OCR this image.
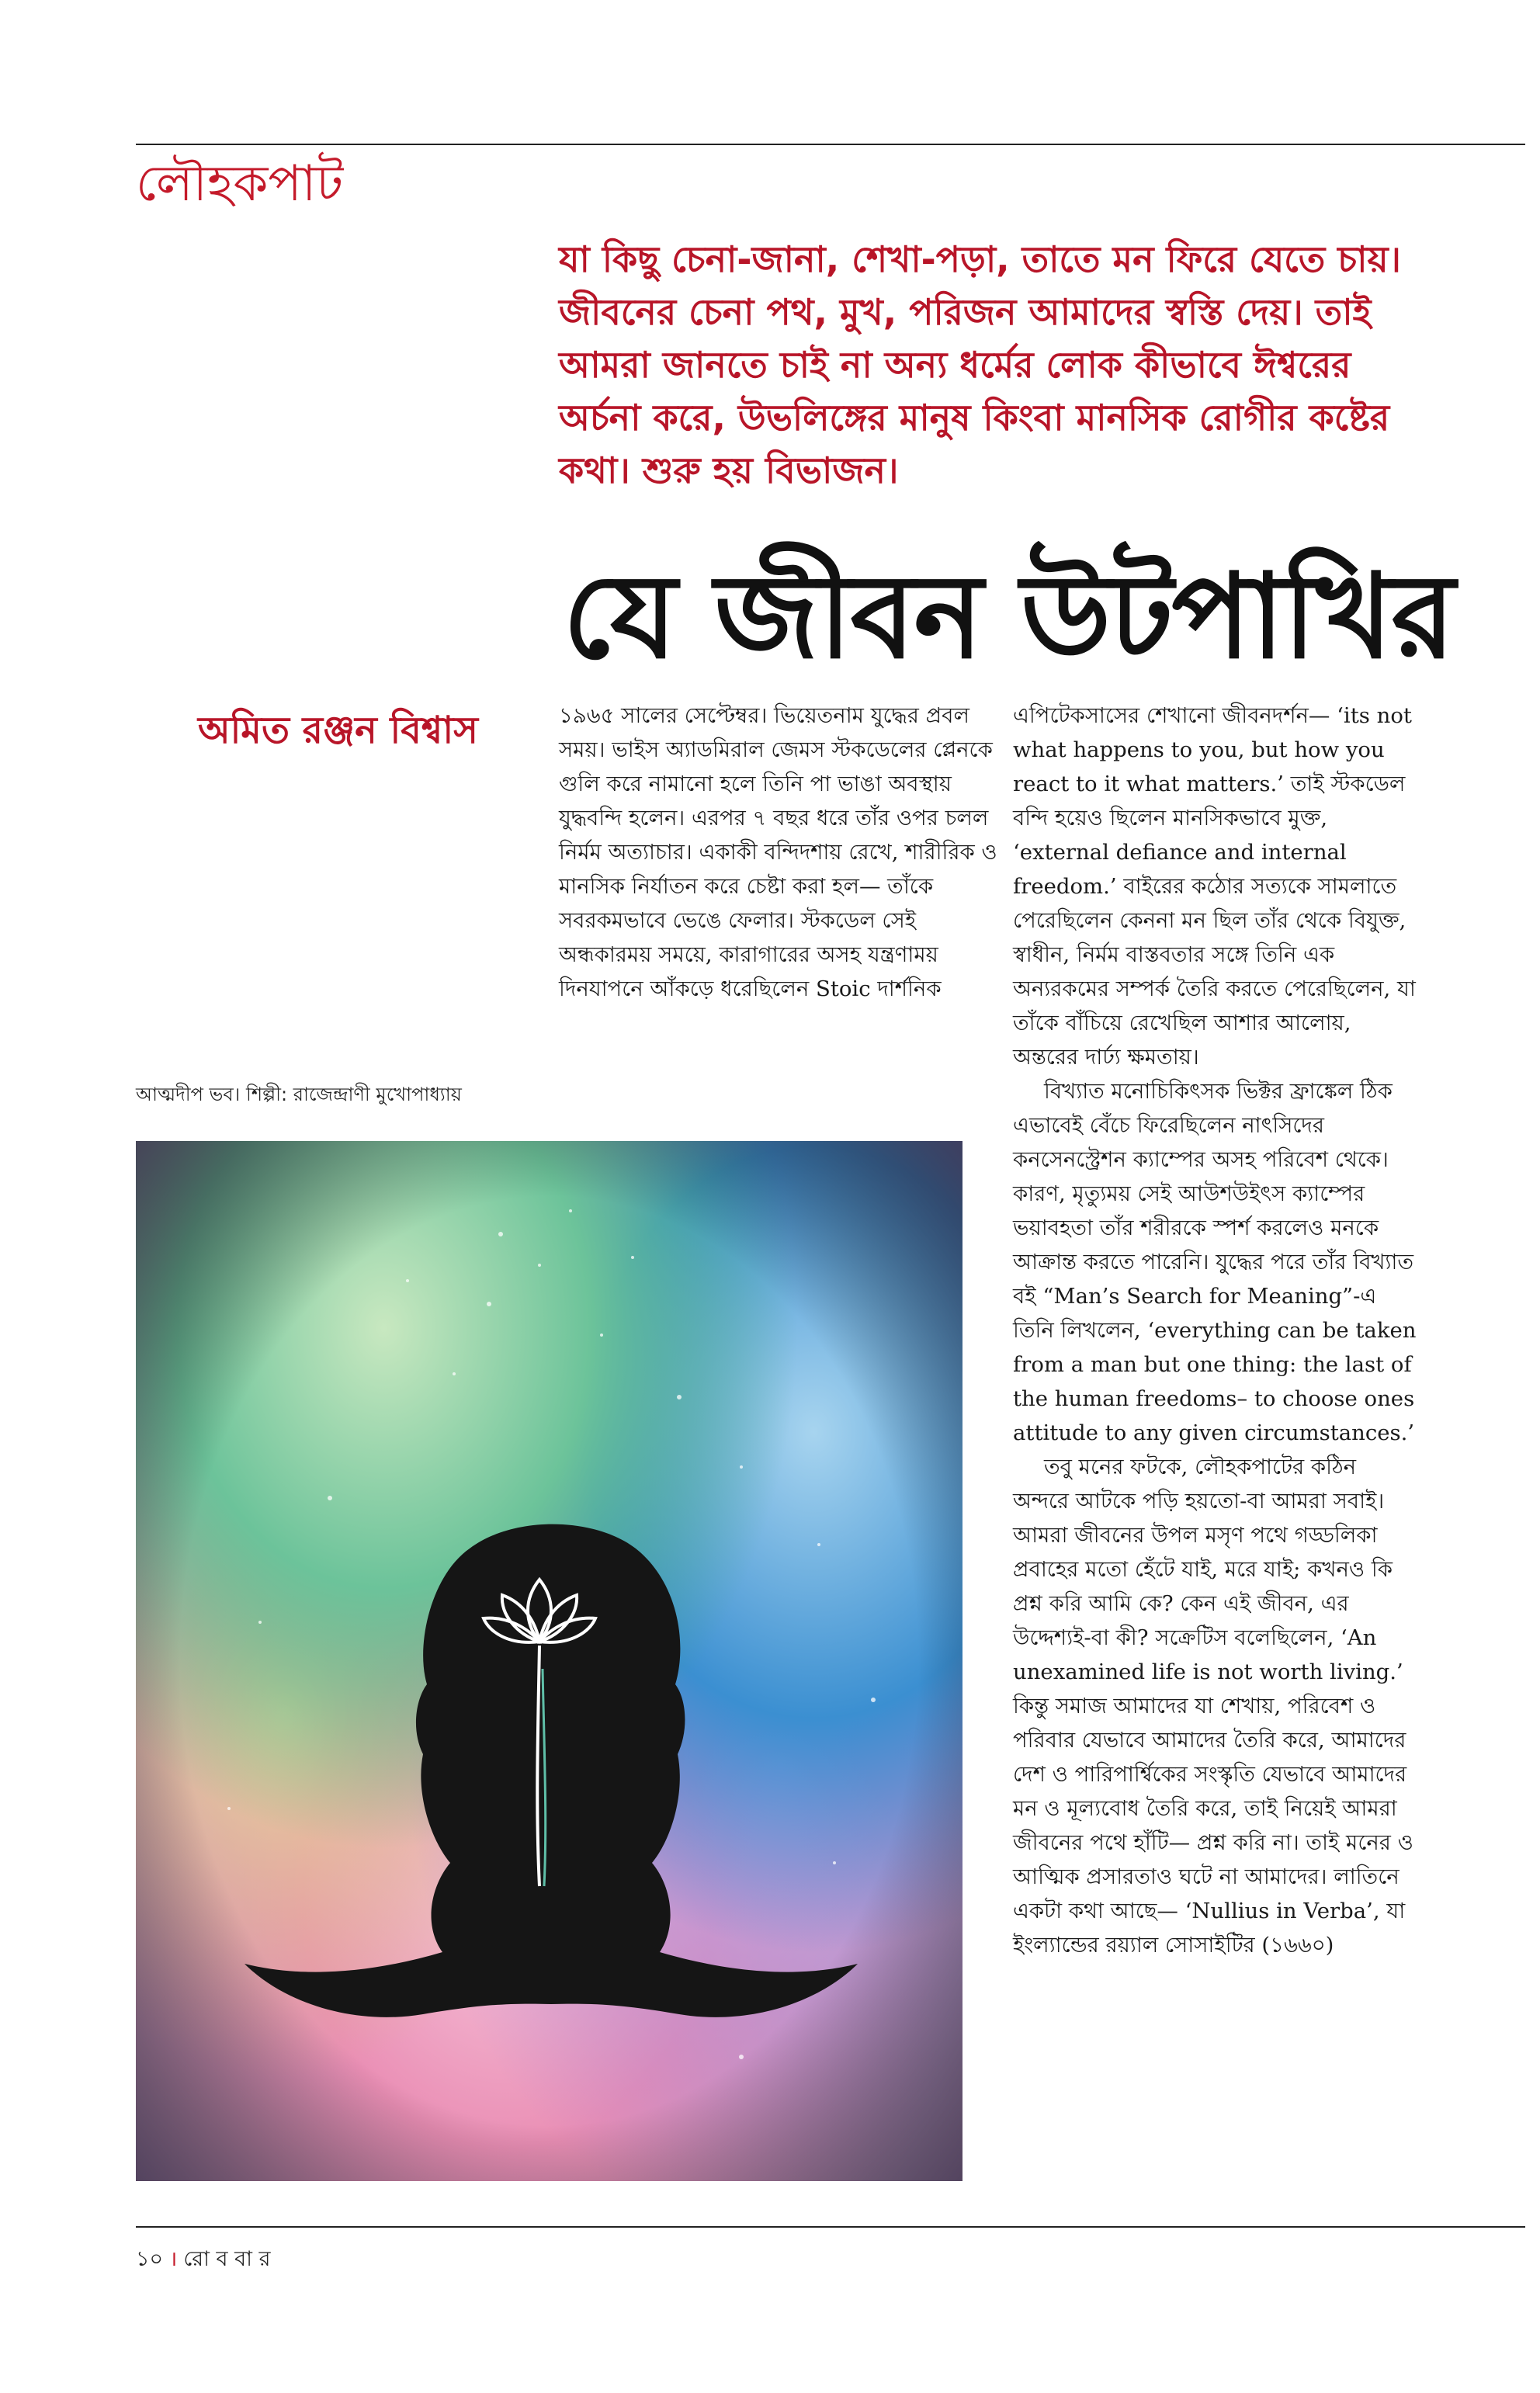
লৌহকপাট
যা কিছু চেনা-জানা, শেখা-পড়া, তাতে মন ফিরে যেতে চায়। জীবনের চেনা পথ, মুখ, পরিজন আমাদের স্বস্তি দেয়। তাই আমরা জানতে চাই না অন্য ধর্মের লোক কীভাবে ঈশ্বরের অর্চনা করে, উভলিঙ্গের মানুষ কিংবা মানসিক রোগীর কষ্টের কথা। শুরু হয় বিভাজন।
যে জীবন উটপাখির
অমিত রঞ্জন বিশ্বাস	১৯৬৫ সালের সেপ্টেম্বর। ভিয়েতনাম যুদ্ধের প্রবল সময়। ভাইস অ্যাডমিরাল জেমস স্টকডেলের প্লেনকে গুলি করে নামানো হলে তিনি পা ভাঙা অবস্থায় যুদ্ধবন্দি হলেন। এরপর ৭ বছর ধরে তাঁর ওপর চলল নির্মম অত্যাচার। একাকী বন্দিদশায় রেখে, শারীরিক ও মানসিক নির্যাতন করে চেষ্টা করা হল— তাঁকে সবরকমভাবে ভেঙে ফেলার। স্টকডেল সেই অন্ধকারময় সময়ে, কারাগারের অসহ যন্ত্রণাময় দিনযাপনে আঁকড়ে ধরেছিলেন Stoic দার্শনিক

এপিটেকসাসের শেখানো জীবনদর্শন— ‘its not what happens to you, but how you react to it what matters.’ তাই স্টকডেল বন্দি হয়েও ছিলেন মানসিকভাবে মুক্ত, ‘external defiance and internal freedom.’ বাইরের কঠোর সত্যকে সামলাতে পেরেছিলেন কেননা মন ছিল তাঁর থেকে বিযুক্ত, স্বাধীন, নির্মম বাস্তবতার সঙ্গে তিনি এক অন্যরকমের সম্পর্ক তৈরি করতে পেরেছিলেন, যা তাঁকে বাঁচিয়ে রেখেছিল আশার আলোয়, অন্তরের দার্ঢ্য ক্ষমতায়।

বিখ্যাত মনোচিকিৎসক ভিক্টর ফ্রাঙ্কেল ঠিক এভাবেই বেঁচে ফিরেছিলেন নাৎসিদের কনসেনস্ট্রেশন ক্যাম্পের অসহ পরিবেশ থেকে। কারণ, মৃত্যুময় সেই আউশউইৎস ক্যাম্পের ভয়াবহতা তাঁর শরীরকে স্পর্শ করলেও মনকে আক্রান্ত করতে পারেনি। যুদ্ধের পরে তাঁর বিখ্যাত বই “Man’s Search for Meaning”-এ তিনি লিখলেন, ‘everything can be taken from a man but one thing: the last of the human freedoms– to choose ones attitude to any given circumstances.’

তবু মনের ফটকে, লৌহকপাটের কঠিন অন্দরে আটকে পড়ি হয়তো-বা আমরা সবাই। আমরা জীবনের উপল মসৃণ পথে গড্ডলিকা প্রবাহের মতো হেঁটে যাই, মরে যাই; কখনও কি প্রশ্ন করি আমি কে? কেন এই জীবন, এর উদ্দেশ্যই-বা কী? সক্রেটিস বলেছিলেন, ‘An unexamined life is not worth living.’ কিন্তু সমাজ আমাদের যা শেখায়, পরিবেশ ও পরিবার যেভাবে আমাদের তৈরি করে, আমাদের দেশ ও পারিপার্শ্বিকের সংস্কৃতি যেভাবে আমাদের মন ও মূল্যবোধ তৈরি করে, তাই নিয়েই আমরা জীবনের পথে হাঁটি— প্রশ্ন করি না। তাই মনের ও আত্মিক প্রসারতাও ঘটে না আমাদের। লাতিনে একটা কথা আছে— ‘Nullius in Verba’, যা ইংল্যান্ডের রয়্যাল সোসাইটির (১৬৬০)

আত্মদীপ ভব। শিল্পী: রাজেন্দ্রাণী মুখোপাধ্যায়
১০ । রো ব বা র
